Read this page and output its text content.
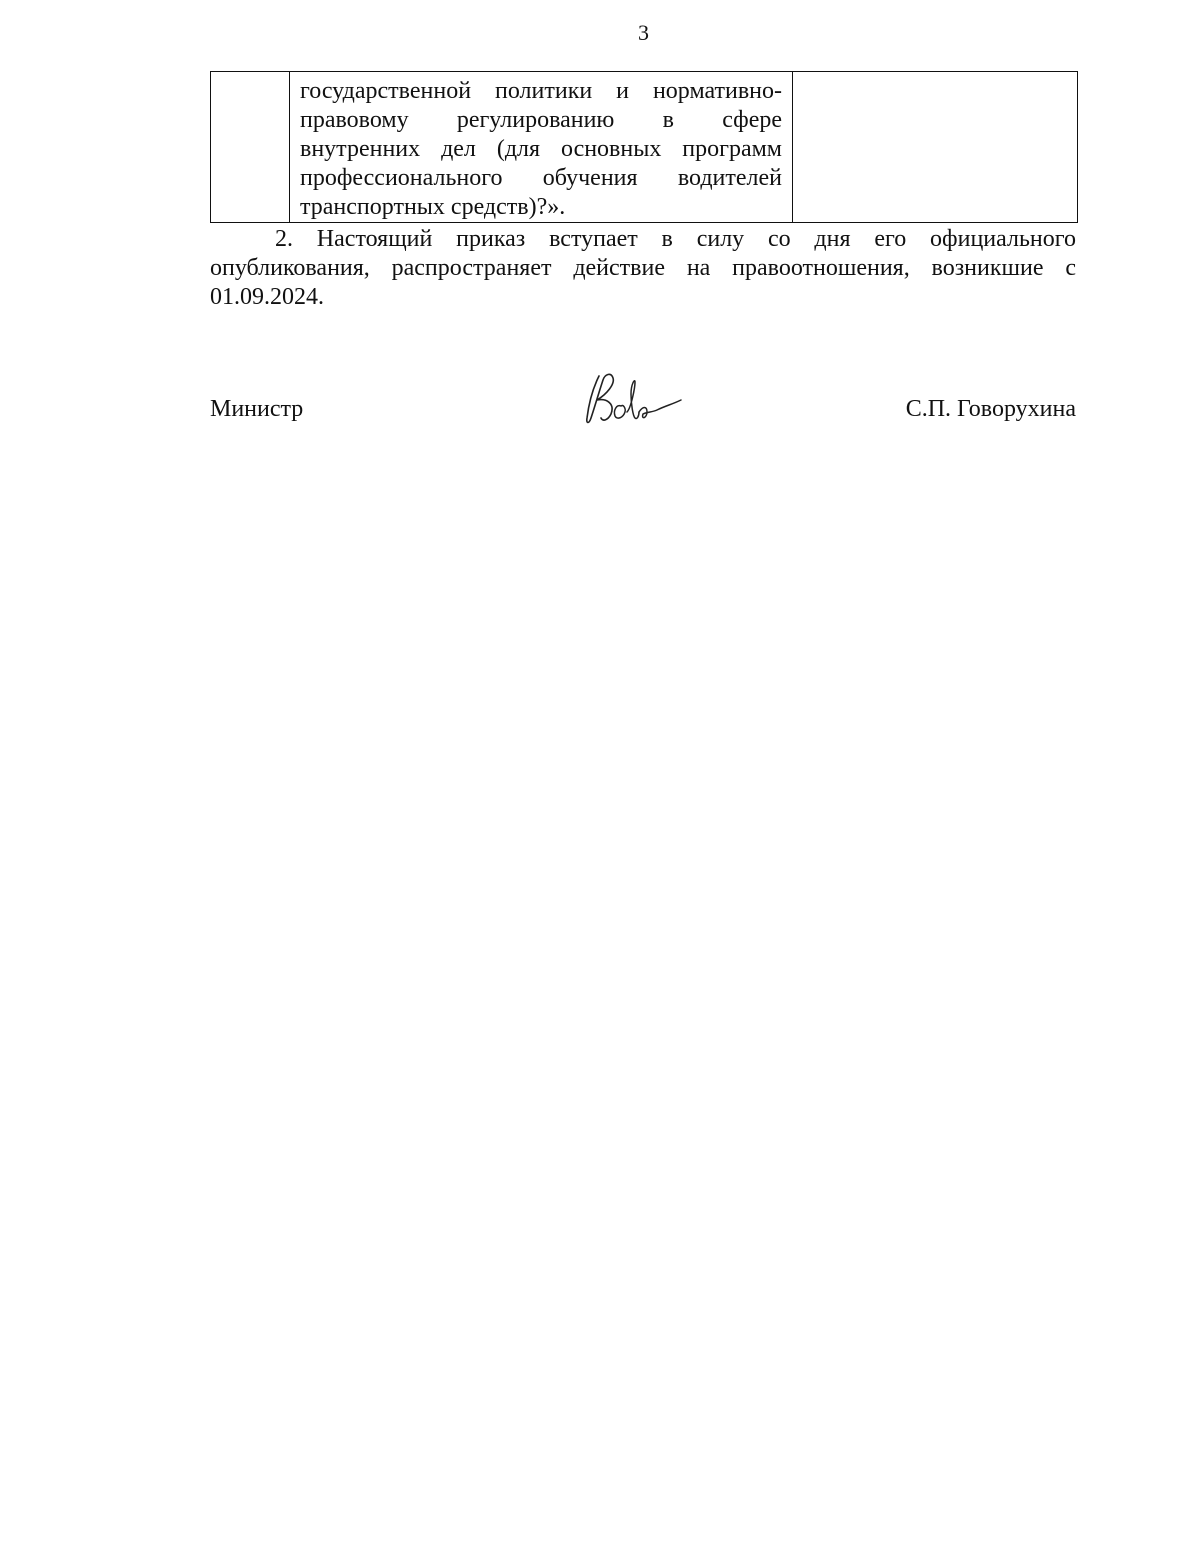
3

государственной политики и нормативно-
правовому регулированию в сфере
внутренних дел (для основных программ
профессионального обучения водителей
транспортных средств)?».

2. Настоящий приказ вступает в силу со дня его официального
опубликования, распространяет действие на правоотношения, возникшие с
01.09.2024.
Министр	С.П. Говорухина
